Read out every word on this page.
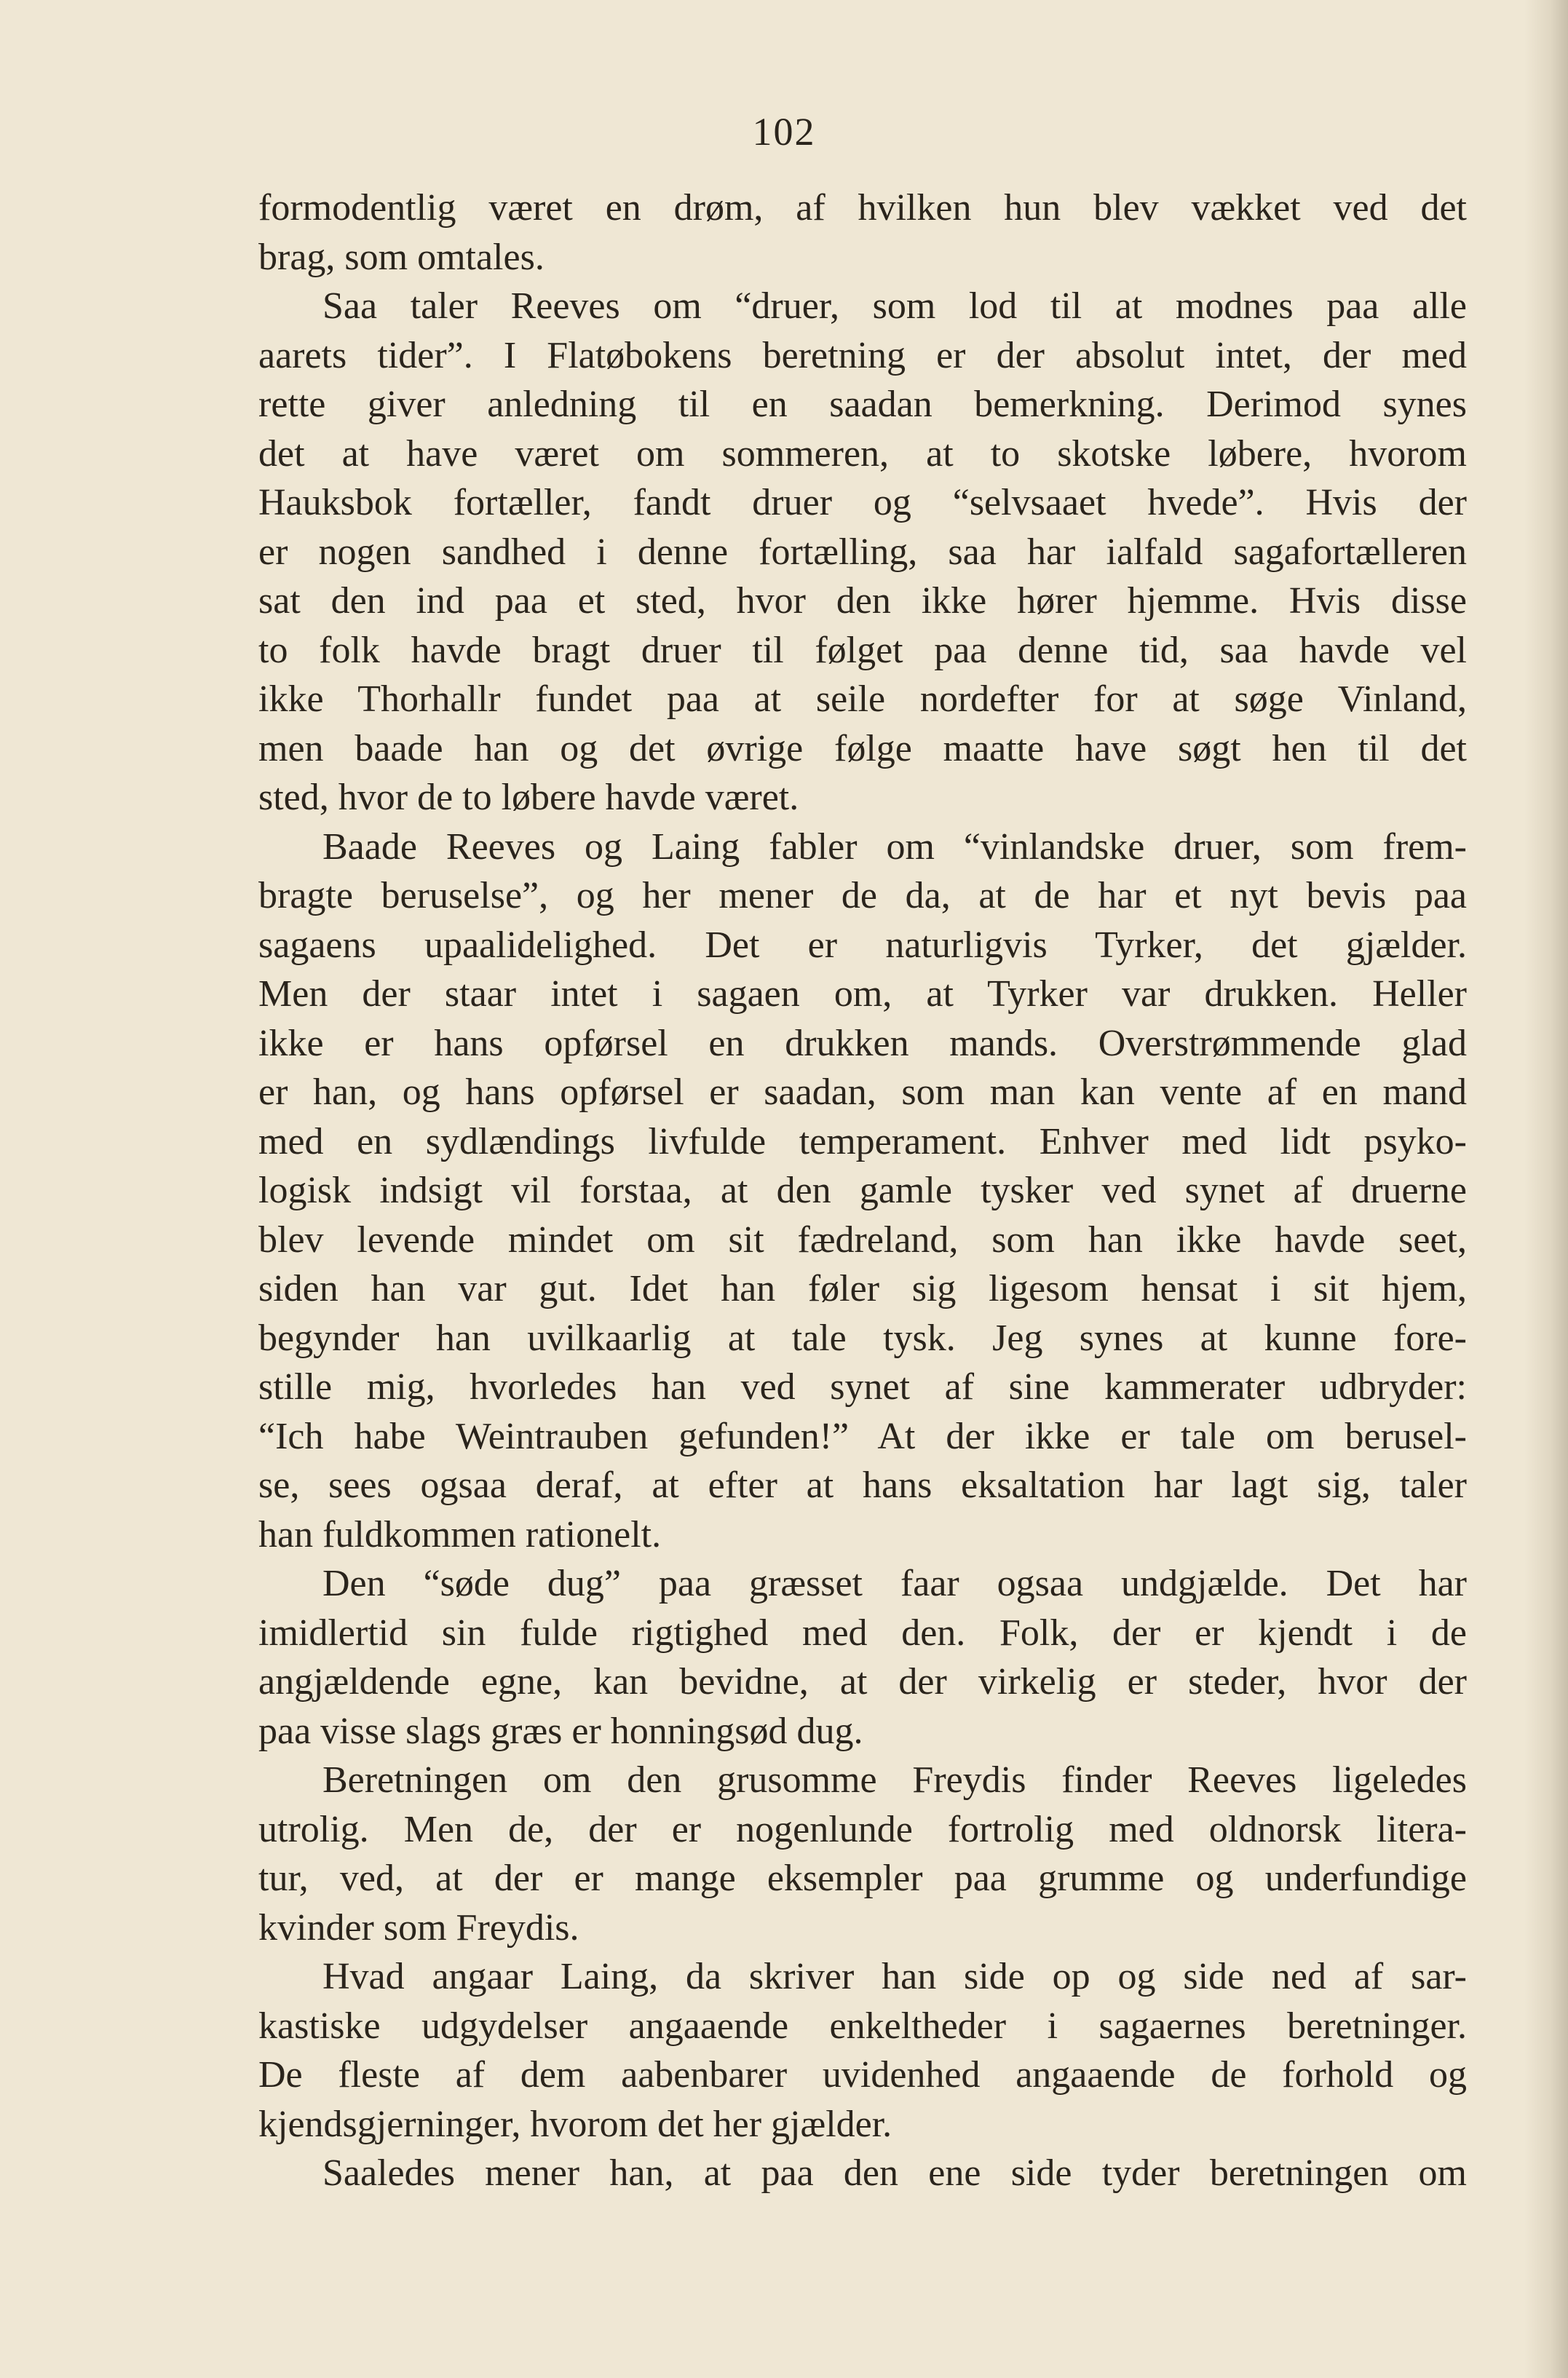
102
formodentlig været en drøm, af hvilken hun blev vækket ved det
brag, som omtales.
Saa taler Reeves om “druer, som lod til at modnes paa alle
aarets tider”. I Flatøbokens beretning er der absolut intet, der med
rette giver anledning til en saadan bemerkning. Derimod synes
det at have været om sommeren, at to skotske løbere, hvorom
Hauksbok fortæller, fandt druer og “selvsaaet hvede”. Hvis der
er nogen sandhed i denne fortælling, saa har ialfald sagafortælleren
sat den ind paa et sted, hvor den ikke hører hjemme. Hvis disse
to folk havde bragt druer til følget paa denne tid, saa havde vel
ikke Thorhallr fundet paa at seile nordefter for at søge Vinland,
men baade han og det øvrige følge maatte have søgt hen til det
sted, hvor de to løbere havde været.
Baade Reeves og Laing fabler om “vinlandske druer, som frem-
bragte beruselse”, og her mener de da, at de har et nyt bevis paa
sagaens upaalidelighed. Det er naturligvis Tyrker, det gjælder.
Men der staar intet i sagaen om, at Tyrker var drukken. Heller
ikke er hans opførsel en drukken mands. Overstrømmende glad
er han, og hans opførsel er saadan, som man kan vente af en mand
med en sydlændings livfulde temperament. Enhver med lidt psyko-
logisk indsigt vil forstaa, at den gamle tysker ved synet af druerne
blev levende mindet om sit fædreland, som han ikke havde seet,
siden han var gut. Idet han føler sig ligesom hensat i sit hjem,
begynder han uvilkaarlig at tale tysk. Jeg synes at kunne fore-
stille mig, hvorledes han ved synet af sine kammerater udbryder:
“Ich habe Weintrauben gefunden!” At der ikke er tale om berusel-
se, sees ogsaa deraf, at efter at hans eksaltation har lagt sig, taler
han fuldkommen rationelt.
Den “søde dug” paa græsset faar ogsaa undgjælde. Det har
imidlertid sin fulde rigtighed med den. Folk, der er kjendt i de
angjældende egne, kan bevidne, at der virkelig er steder, hvor der
paa visse slags græs er honningsød dug.
Beretningen om den grusomme Freydis finder Reeves ligeledes
utrolig. Men de, der er nogenlunde fortrolig med oldnorsk litera-
tur, ved, at der er mange eksempler paa grumme og underfundige
kvinder som Freydis.
Hvad angaar Laing, da skriver han side op og side ned af sar-
kastiske udgydelser angaaende enkeltheder i sagaernes beretninger.
De fleste af dem aabenbarer uvidenhed angaaende de forhold og
kjendsgjerninger, hvorom det her gjælder.
Saaledes mener han, at paa den ene side tyder beretningen om
